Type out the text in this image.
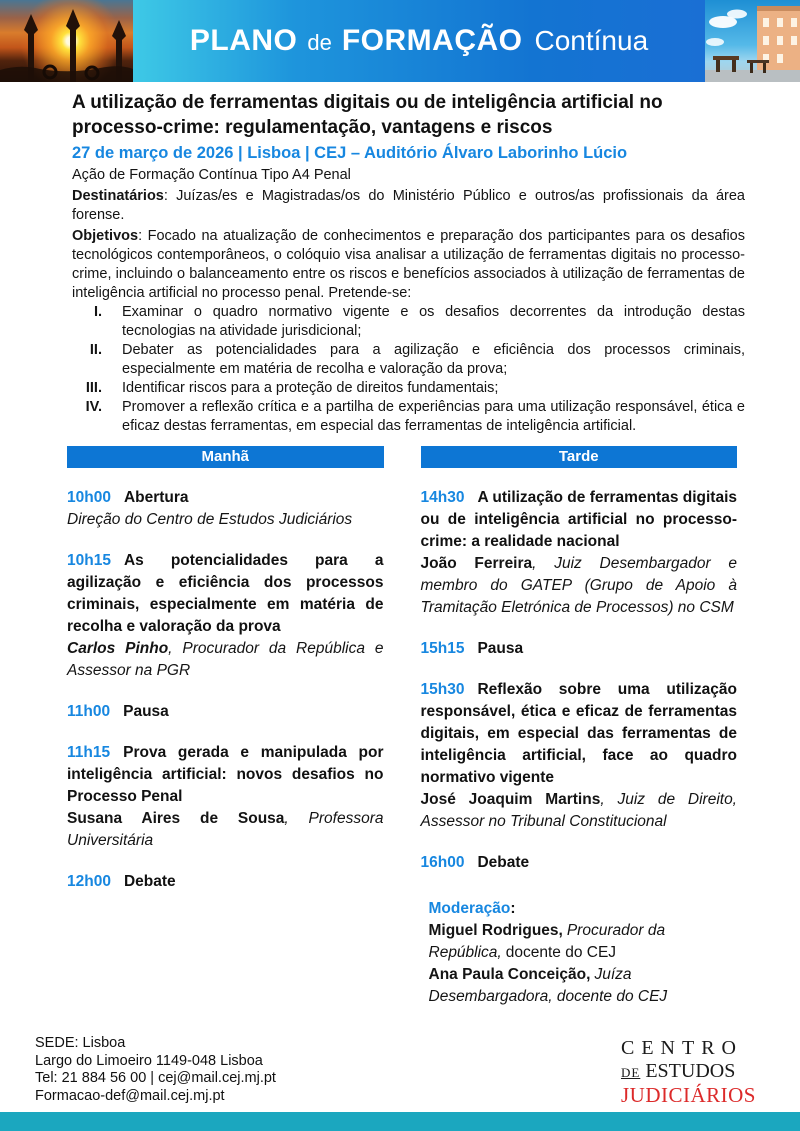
PLANO de FORMAÇÃO Contínua
A utilização de ferramentas digitais ou de inteligência artificial no processo-crime: regulamentação, vantagens e riscos
27 de março de 2026 | Lisboa | CEJ – Auditório Álvaro Laborinho Lúcio
Ação de Formação Contínua Tipo A4 Penal

Destinatários: Juízas/es e Magistradas/os do Ministério Público e outros/as profissionais da área forense.

Objetivos: Focado na atualização de conhecimentos e preparação dos participantes para os desafios tecnológicos contemporâneos, o colóquio visa analisar a utilização de ferramentas digitais no processo-crime, incluindo o balanceamento entre os riscos e benefícios associados à utilização de ferramentas de inteligência artificial no processo penal. Pretende-se:

I. Examinar o quadro normativo vigente e os desafios decorrentes da introdução destas tecnologias na atividade jurisdicional;
II. Debater as potencialidades para a agilização e eficiência dos processos criminais, especialmente em matéria de recolha e valoração da prova;
III. Identificar riscos para a proteção de direitos fundamentais;
IV. Promover a reflexão crítica e a partilha de experiências para uma utilização responsável, ética e eficaz destas ferramentas, em especial das ferramentas de inteligência artificial.
Manhã

10h00 Abertura

Direção do Centro de Estudos Judiciários

10h15 As potencialidades para a agilização e eficiência dos processos criminais, especialmente em matéria de recolha e valoração da prova

Carlos Pinho, Procurador da República e Assessor na PGR

11h00 Pausa

11h15 Prova gerada e manipulada por inteligência artificial: novos desafios no Processo Penal

Susana Aires de Sousa, Professora Universitária

12h00 Debate

Tarde

14h30 A utilização de ferramentas digitais ou de inteligência artificial no processo-crime: a realidade nacional

João Ferreira, Juiz Desembargador e membro do GATEP (Grupo de Apoio à Tramitação Eletrónica de Processos) no CSM

15h15 Pausa

15h30 Reflexão sobre uma utilização responsável, ética e eficaz de ferramentas digitais, em especial das ferramentas de inteligência artificial, face ao quadro normativo vigente

José Joaquim Martins, Juiz de Direito, Assessor no Tribunal Constitucional

16h00 Debate

Moderação:

Miguel Rodrigues, Procurador da República, docente do CEJ

Ana Paula Conceição, Juíza Desembargadora, docente do CEJ

SEDE: Lisboa
Largo do Limoeiro 1149-048 Lisboa
Tel: 21 884 56 00 | cej@mail.cej.mj.pt
Formacao-def@mail.cej.mj.pt
CENTRO
DE ESTUDOS
JUDICIÁRIOS
